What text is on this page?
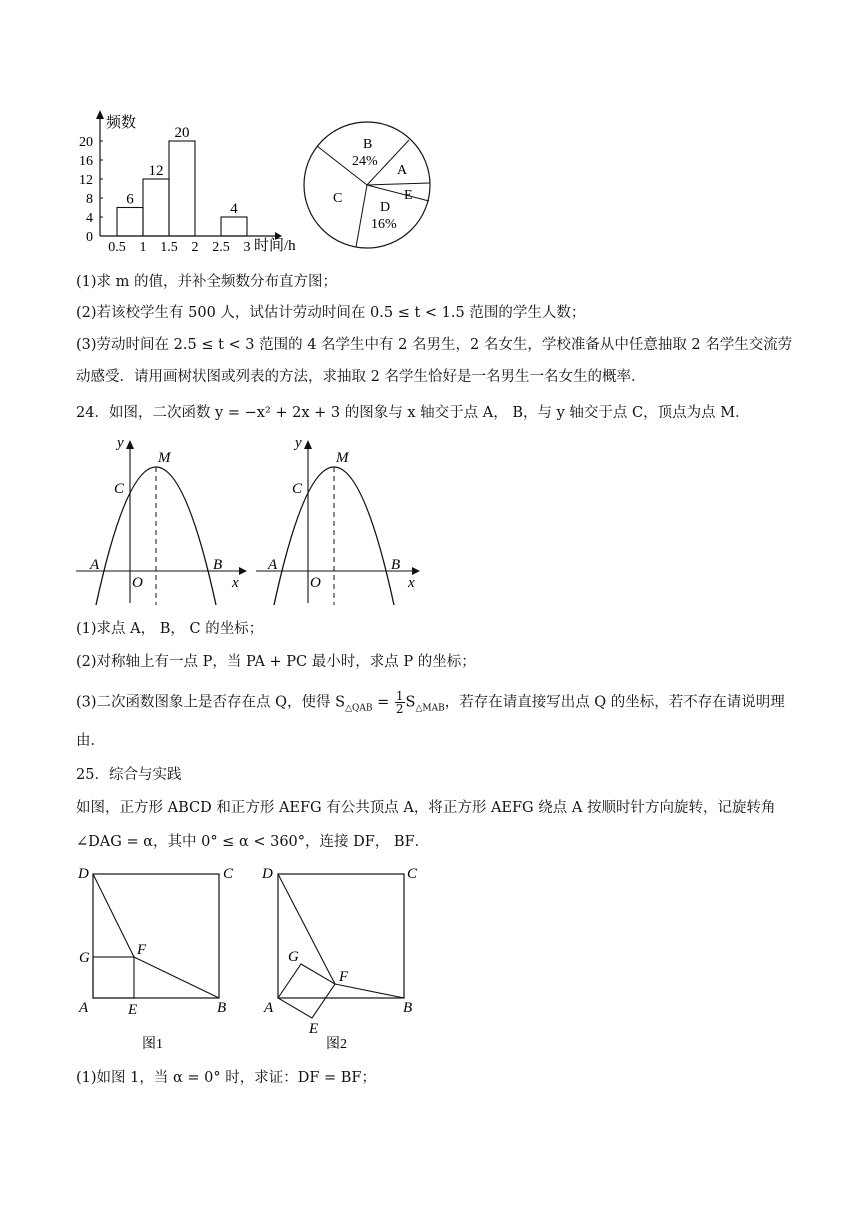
频数
20
16
12
8
4
0
6
12
20
4
0.5 1 1.5 2 2.5 3 时间/h
B
24%
A
E
D
16%
C
(1)求 m 的值，并补全频数分布直方图；
(2)若该校学生有 500 人，试估计劳动时间在 0.5 ≤ t < 1.5 范围的学生人数；
(3)劳动时间在 2.5 ≤ t < 3 范围的 4 名学生中有 2 名男生，2 名女生，学校准备从中任意抽取 2 名学生交流劳
动感受．请用画树状图或列表的方法，求抽取 2 名学生恰好是一名男生一名女生的概率．
24．如图，二次函数 y = −x² + 2x + 3 的图象与 x 轴交于点 A， B，与 y 轴交于点 C，顶点为点 M．
y
M
C
A	B
O	x
y
M
C
A	B
O	x
(1)求点 A， B， C 的坐标；
(2)对称轴上有一点 P，当 PA + PC 最小时，求点 P 的坐标；
(3)二次函数图象上是否存在点 Q，使得 $S_{\triangle QAB} = \frac{1}{2} S_{\triangle MAB}$，若存在请直接写出点 Q 的坐标，若不存在请说明理
由．
25．综合与实践
如图，正方形 ABCD 和正方形 AEFG 有公共顶点 A，将正方形 AEFG 绕点 A 按顺时针方向旋转，记旋转角
∠DAG = α，其中 0° ≤ α < 360°，连接 DF， BF．
D	C
G	F
A	E	B
图1
D	C
G
F
A
E
B
图2
(1)如图 1，当 α = 0° 时，求证：DF = BF；
